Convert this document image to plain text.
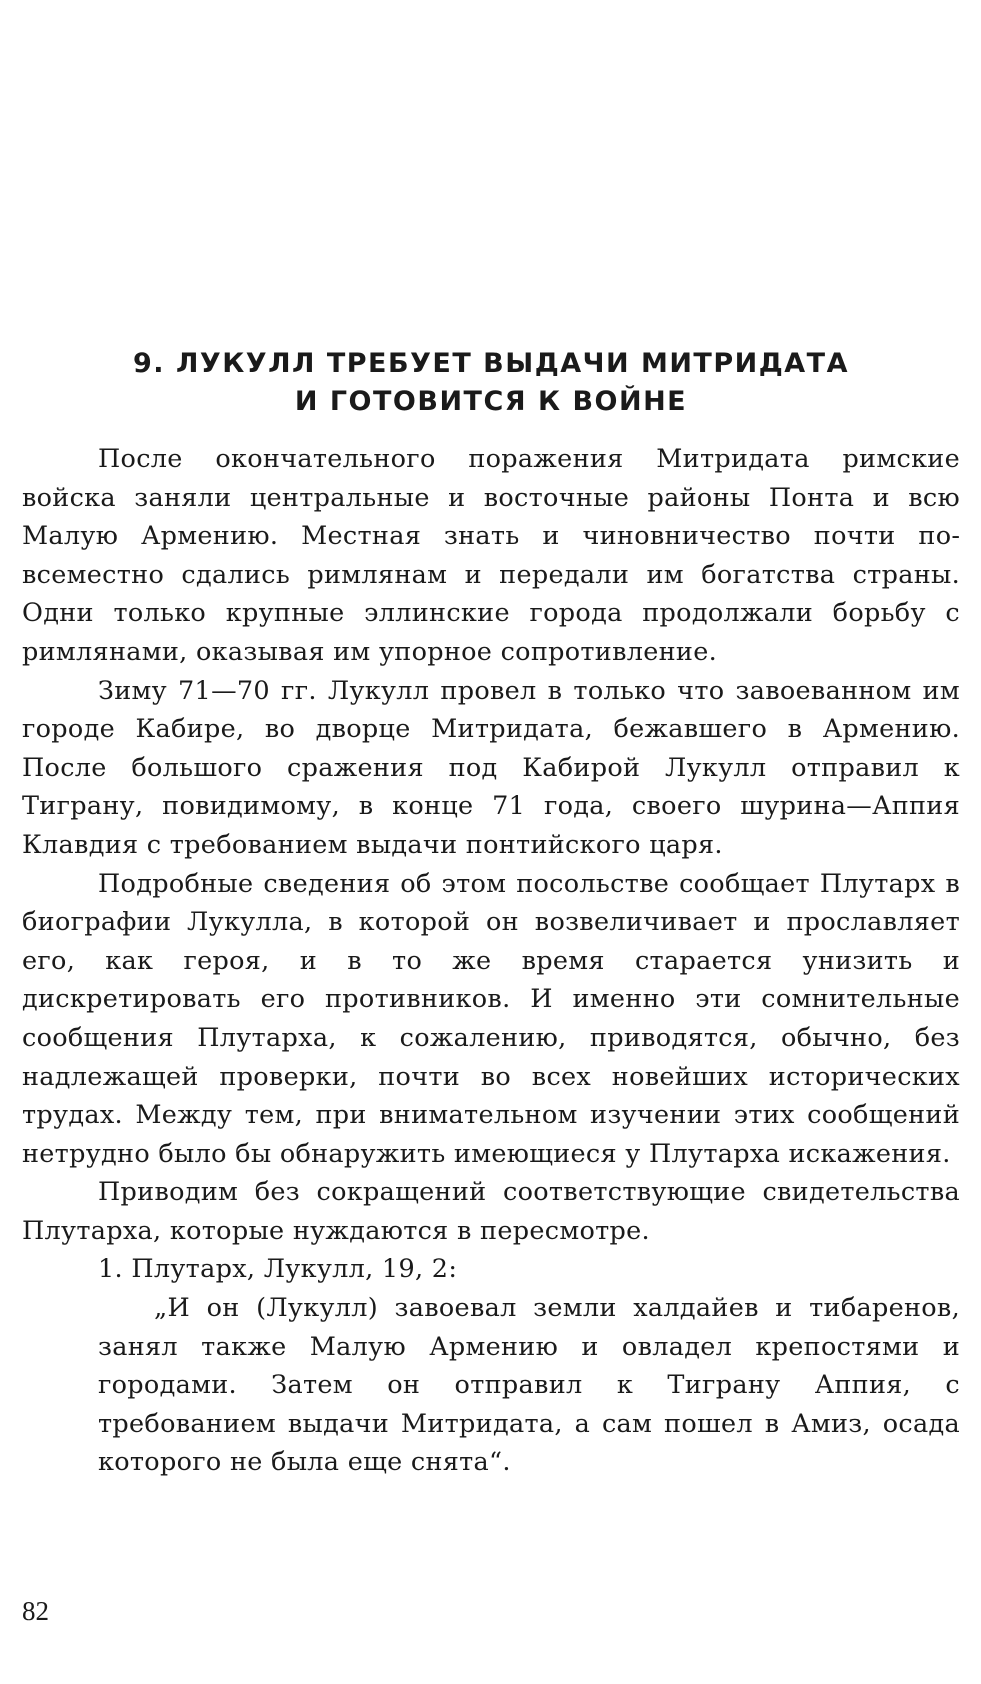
9. ЛУКУЛЛ ТРЕБУЕТ ВЫДАЧИ МИТРИДАТА
И ГОТОВИТСЯ К ВОЙНЕ

После окончательного поражения Митридата римские войска заняли центральные и восточные районы Понта и всю Малую Армению. Местная знать и чиновничество почти повсеместно сдались римлянам и передали им богатства страны. Одни только крупные эллинские города продолжали борьбу с римлянами, оказывая им упорное сопротивление.

Зиму 71—70 гг. Лукулл провел в только что завоеванном им городе Кабире, во дворце Митридата, бежавшего в Армению. После большого сражения под Кабирой Лукулл отправил к Тиграну, повидимому, в конце 71 года, своего шурина—Аппия Клавдия с требованием выдачи понтийского царя.

Подробные сведения об этом посольстве сообщает Плутарх в биографии Лукулла, в которой он возвеличивает и прославляет его, как героя, и в то же время старается унизить и дискретировать его противников. И именно эти сомнительные сообщения Плутарха, к сожалению, приводятся, обычно, без надлежащей проверки, почти во всех новейших исторических трудах. Между тем, при внимательном изучении этих сообщений нетрудно было бы обнаружить имеющиеся у Плутарха искажения.

Приводим без сокращений соответствующие свидетельства Плутарха, которые нуждаются в пересмотре.

1. Плутарх, Лукулл, 19, 2:

„И он (Лукулл) завоевал земли халдайев и тибаренов, занял также Малую Армению и овладел крепостями и городами. Затем он отправил к Тиграну Аппия, с требованием выдачи Митридата, а сам пошел в Амиз, осада которого не была еще снята“.

82
